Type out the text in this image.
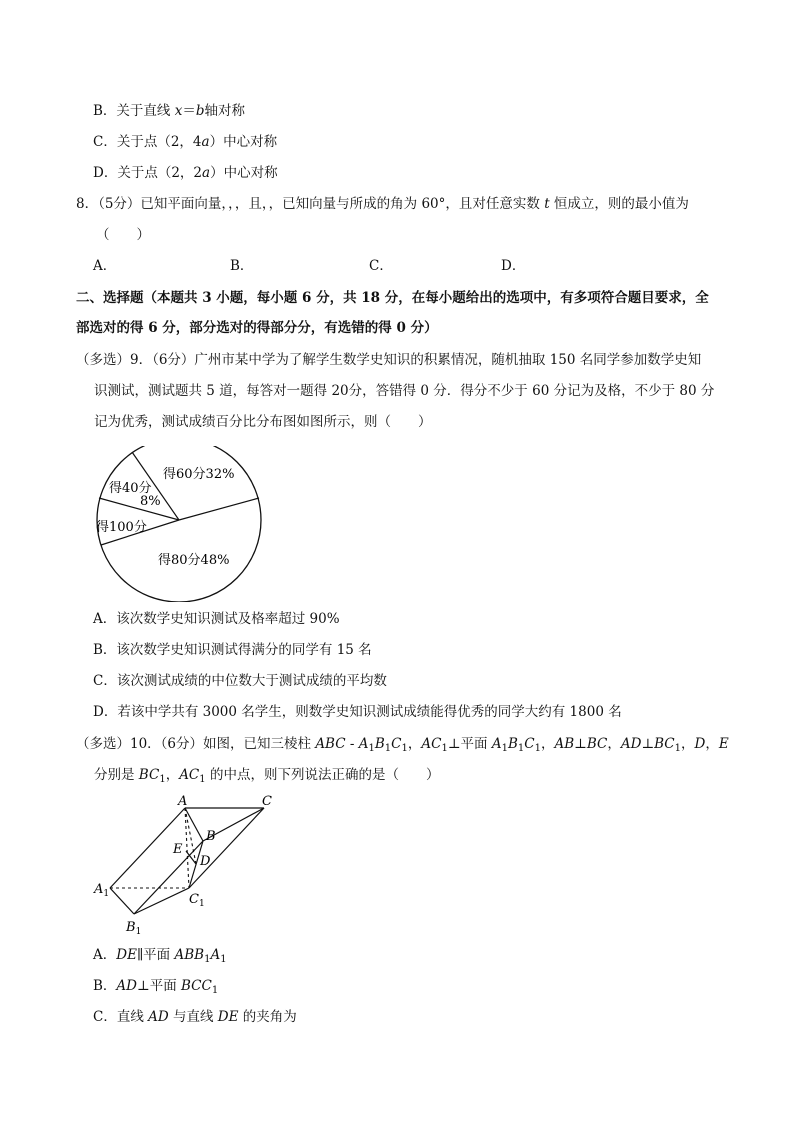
B．关于直线 x＝b轴对称
C．关于点（2，4a）中心对称
D．关于点（2，2a）中心对称
8．（5分）已知平面向量，，，且，，已知向量与所成的角为 60°，且对任意实数 t 恒成立，则的最小值为
（　　）
A．	B．	C．	D．
二、选择题（本题共 3 小题，每小题 6 分，共 18 分，在每小题给出的选项中，有多项符合题目要求，全
部选对的得 6 分，部分选对的得部分分，有选错的得 0 分）
（多选）9．（6分）广州市某中学为了解学生数学史知识的积累情况，随机抽取 150 名同学参加数学史知
识测试，测试题共 5 道，每答对一题得 20分，答错得 0 分．得分不少于 60 分记为及格，不少于 80 分
记为优秀，测试成绩百分比分布图如图所示，则（　　）
得60分32%
得40分
8%
得100分
得80分48%
A．该次数学史知识测试及格率超过 90%
B．该次数学史知识测试得满分的同学有 15 名
C．该次测试成绩的中位数大于测试成绩的平均数
D．若该中学共有 3000 名学生，则数学史知识测试成绩能得优秀的同学大约有 1800 名
（多选）10．（6分）如图，已知三棱柱 ABC - $A_1B_1C_1$，$AC_1\perp$平面 $A_1B_1C_1$，AB⊥BC，$AD\perp BC_1$，D，E
分别是 $BC_1$，$AC_1$ 的中点，则下列说法正确的是（　　）
A	C
B
E
D
$A_1$	$C_1$
$B_1$
A．DE∥平面 $ABB_1A_1$
B．AD⊥平面 $BCC_1$
C．直线 AD 与直线 DE 的夹角为
